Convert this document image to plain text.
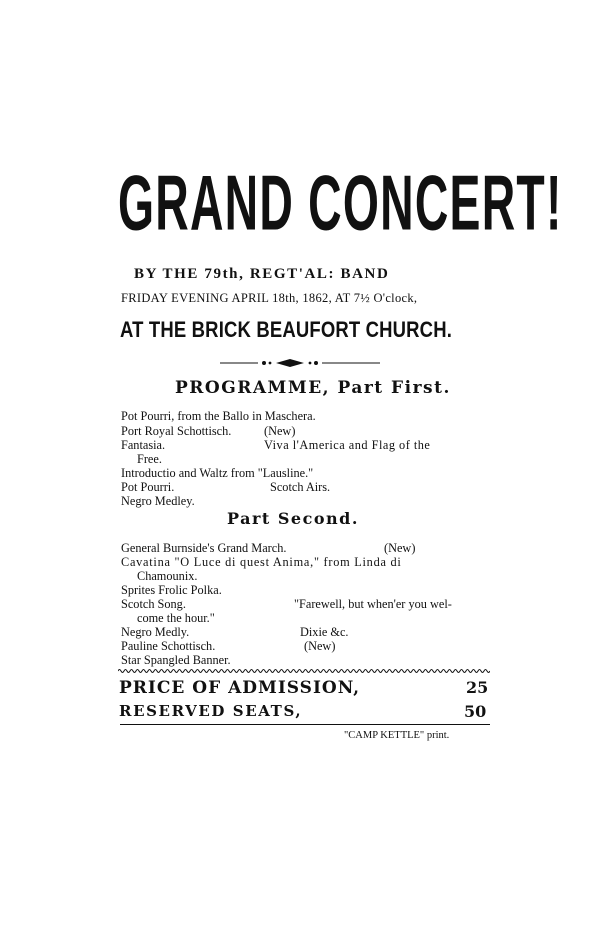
GRAND CONCERT!
BY THE 79th, REGT'AL: BAND
FRIDAY EVENING APRIL 18th, 1862, AT 7½ O'clock,
AT THE BRICK BEAUFORT CHURCH.
PROGRAMME, Part First.
Pot Pourri, from the Ballo in Maschera.
Port Royal Schottisch.	(New)
Fantasia.	Viva l'America and Flag of the
Free.
Introductio and Waltz from "Lausline."
Pot Pourri.	Scotch Airs.
Negro Medley.
Part Second.
General Burnside's Grand March.	(New)
Cavatina "O Luce di quest Anima," from Linda di
Chamounix.
Sprites Frolic Polka.
Scotch Song.	"Farewell, but when'er you wel-
come the hour."
Negro Medly.	Dixie &c.
Pauline Schottisch.	(New)
Star Spangled Banner.
PRICE OF ADMISSION,	25
RESERVED SEATS,	50
"CAMP KETTLE" print.
